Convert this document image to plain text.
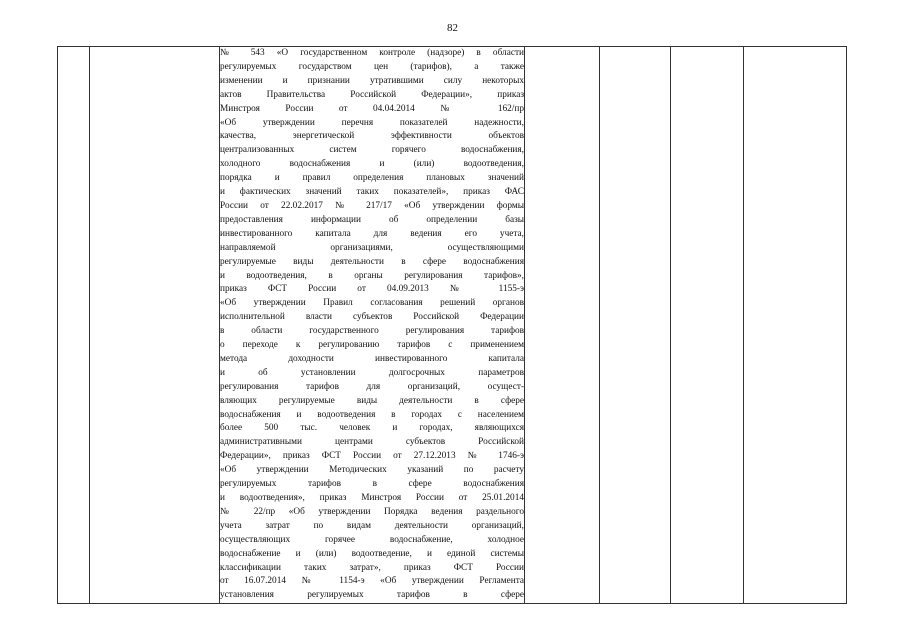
82

№ 543 «О государственном контроле (надзоре) в области
регулируемых государством цен (тарифов), а также
изменении и признании утратившими силу некоторых
актов Правительства Российской Федерации», приказ
Минстроя России от 04.04.2014 № 162/пр
«Об утверждении перечня показателей надежности,
качества, энергетической эффективности объектов
централизованных систем горячего водоснабжения,
холодного водоснабжения и (или) водоотведения,
порядка и правил определения плановых значений
и фактических значений таких показателей», приказ ФАС
России от 22.02.2017 № 217/17 «Об утверждении формы
предоставления информации об определении базы
инвестированного капитала для ведения его учета,
направляемой организациями, осуществляющими
регулируемые виды деятельности в сфере водоснабжения
и водоотведения, в органы регулирования тарифов»,
приказ ФСТ России от 04.09.2013 № 1155-э
«Об утверждении Правил согласования решений органов
исполнительной власти субъектов Российской Федерации
в области государственного регулирования тарифов
о переходе к регулированию тарифов с применением
метода доходности инвестированного капитала
и об установлении долгосрочных параметров
регулирования тарифов для организаций, осущест-
вляющих регулируемые виды деятельности в сфере
водоснабжения и водоотведения в городах с населением
более 500 тыс. человек и городах, являющихся
административными центрами субъектов Российской
Федерации», приказ ФСТ России от 27.12.2013 № 1746-э
«Об утверждении Методических указаний по расчету
регулируемых тарифов в сфере водоснабжения
и водоотведения», приказ Минстроя России от 25.01.2014
№ 22/пр «Об утверждении Порядка ведения раздельного
учета затрат по видам деятельности организаций,
осуществляющих горячее водоснабжение, холодное
водоснабжение и (или) водоотведение, и единой системы
классификации таких затрат», приказ ФСТ России
от 16.07.2014 № 1154-э «Об утверждении Регламента
установления регулируемых тарифов в сфере
